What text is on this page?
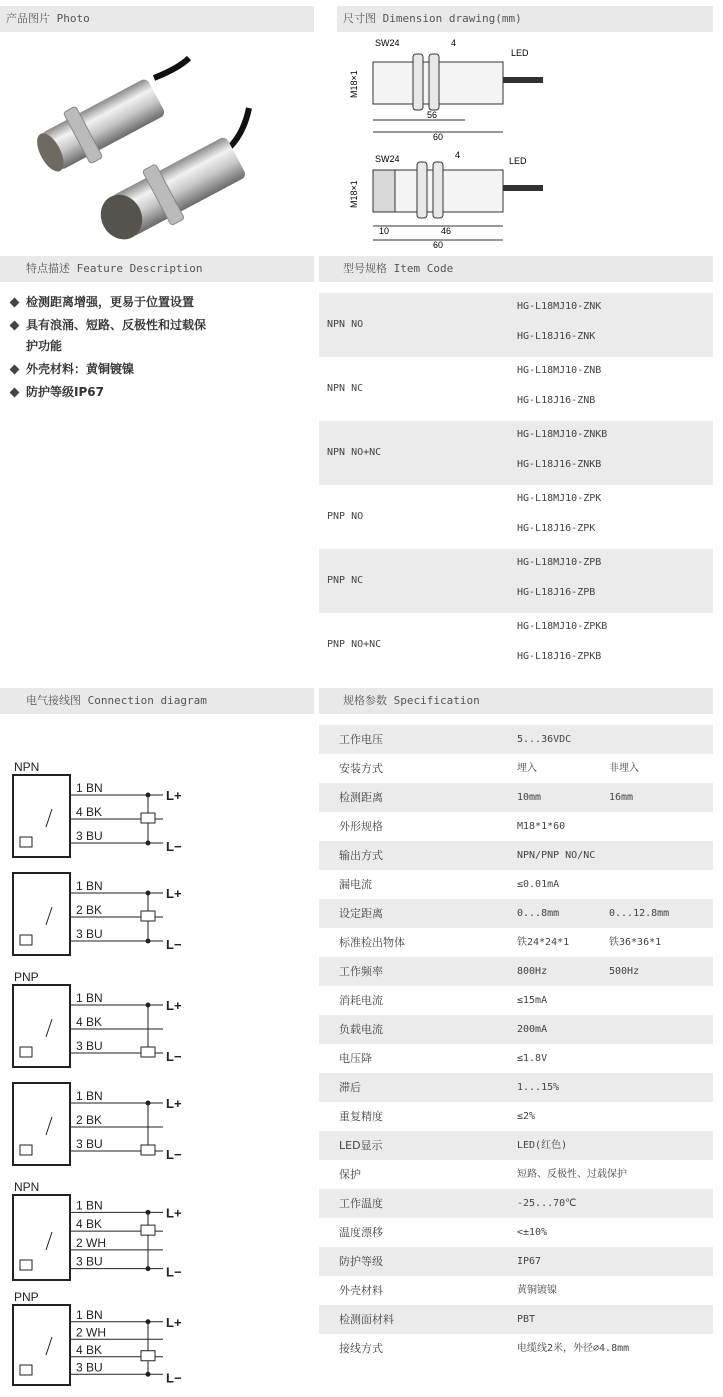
产品图片 Photo	尺寸图 Dimension drawing(mm)
特点描述 Feature Description	型号规格 Item Code
电气接线图 Connection diagram	规格参数 Specification
SW24	4
LED
M18×1
56
60
SW24	4
LED
M18×1
10	46
60
检测距离增强，更易于位置设置
具有浪涌、短路、反极性和过载保护功能
外壳材料：黄铜镀镍
防护等级IP67
NPN NO
HG-L18MJ10-ZNK
HG-L18J16-ZNK
NPN NC
HG-L18MJ10-ZNB
HG-L18J16-ZNB
NPN NO+NC
HG-L18MJ10-ZNKB
HG-L18J16-ZNKB
PNP NO
HG-L18MJ10-ZPK
HG-L18J16-ZPK
PNP NC
HG-L18MJ10-ZPB
HG-L18J16-ZPB
PNP NO+NC
HG-L18MJ10-ZPKB
HG-L18J16-ZPKB
NPN
1 BN
4 BK
3 BU
L+
L−
1 BN
2 BK
3 BU
L+
L−
PNP
1 BN
4 BK
3 BU
L+
L−
1 BN
2 BK
3 BU
L+
L−
NPN
1 BN
4 BK
2 WH
3 BU
L+
L−
PNP
1 BN
2 WH
4 BK
3 BU
L+
L−
工作电压	5...36VDC
安装方式	埋入	非埋入
检测距离	10mm	16mm
外形规格	M18*1*60
输出方式	NPN/PNP NO/NC
漏电流	≤0.01mA
设定距离	0...8mm	0...12.8mm
标准检出物体	铁24*24*1	铁36*36*1
工作频率	800Hz	500Hz
消耗电流	≤15mA
负载电流	200mA
电压降	≤1.8V
滞后	1...15%
重复精度	≤2%
LED显示	LED(红色)
保护	短路、反极性、过载保护
工作温度	-25...70℃
温度漂移	<±10%
防护等级	IP67
外壳材料	黄铜镀镍
检测面材料	PBT
接线方式	电缆线2米，外径∅4.8mm
